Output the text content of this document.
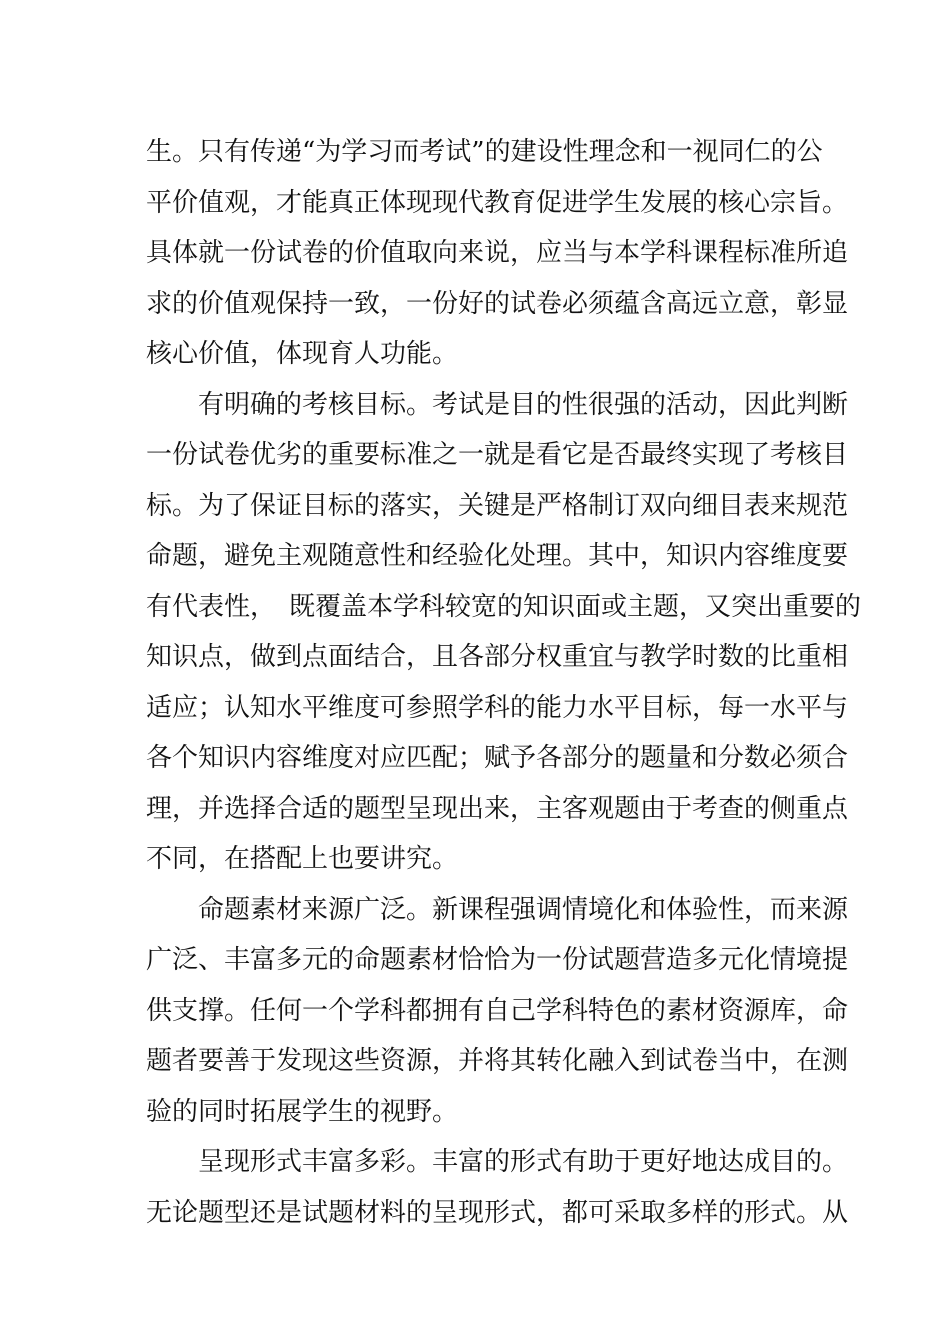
生。只有传递“为学习而考试”的建设性理念和一视同仁的公
平价值观，才能真正体现现代教育促进学生发展的核心宗旨。
具体就一份试卷的价值取向来说，应当与本学科课程标准所追
求的价值观保持一致，一份好的试卷必须蕴含高远立意，彰显
核心价值，体现育人功能。
　　有明确的考核目标。考试是目的性很强的活动，因此判断
一份试卷优劣的重要标准之一就是看它是否最终实现了考核目
标。为了保证目标的落实，关键是严格制订双向细目表来规范
命题，避免主观随意性和经验化处理。其中，知识内容维度要
有代表性，　既覆盖本学科较宽的知识面或主题，又突出重要的
知识点，做到点面结合，且各部分权重宜与教学时数的比重相
适应；认知水平维度可参照学科的能力水平目标，每一水平与
各个知识内容维度对应匹配；赋予各部分的题量和分数必须合
理，并选择合适的题型呈现出来，主客观题由于考查的侧重点
不同，在搭配上也要讲究。
　　命题素材来源广泛。新课程强调情境化和体验性，而来源
广泛、丰富多元的命题素材恰恰为一份试题营造多元化情境提
供支撑。任何一个学科都拥有自己学科特色的素材资源库，命
题者要善于发现这些资源，并将其转化融入到试卷当中，在测
验的同时拓展学生的视野。
　　呈现形式丰富多彩。丰富的形式有助于更好地达成目的。
无论题型还是试题材料的呈现形式，都可采取多样的形式。从
